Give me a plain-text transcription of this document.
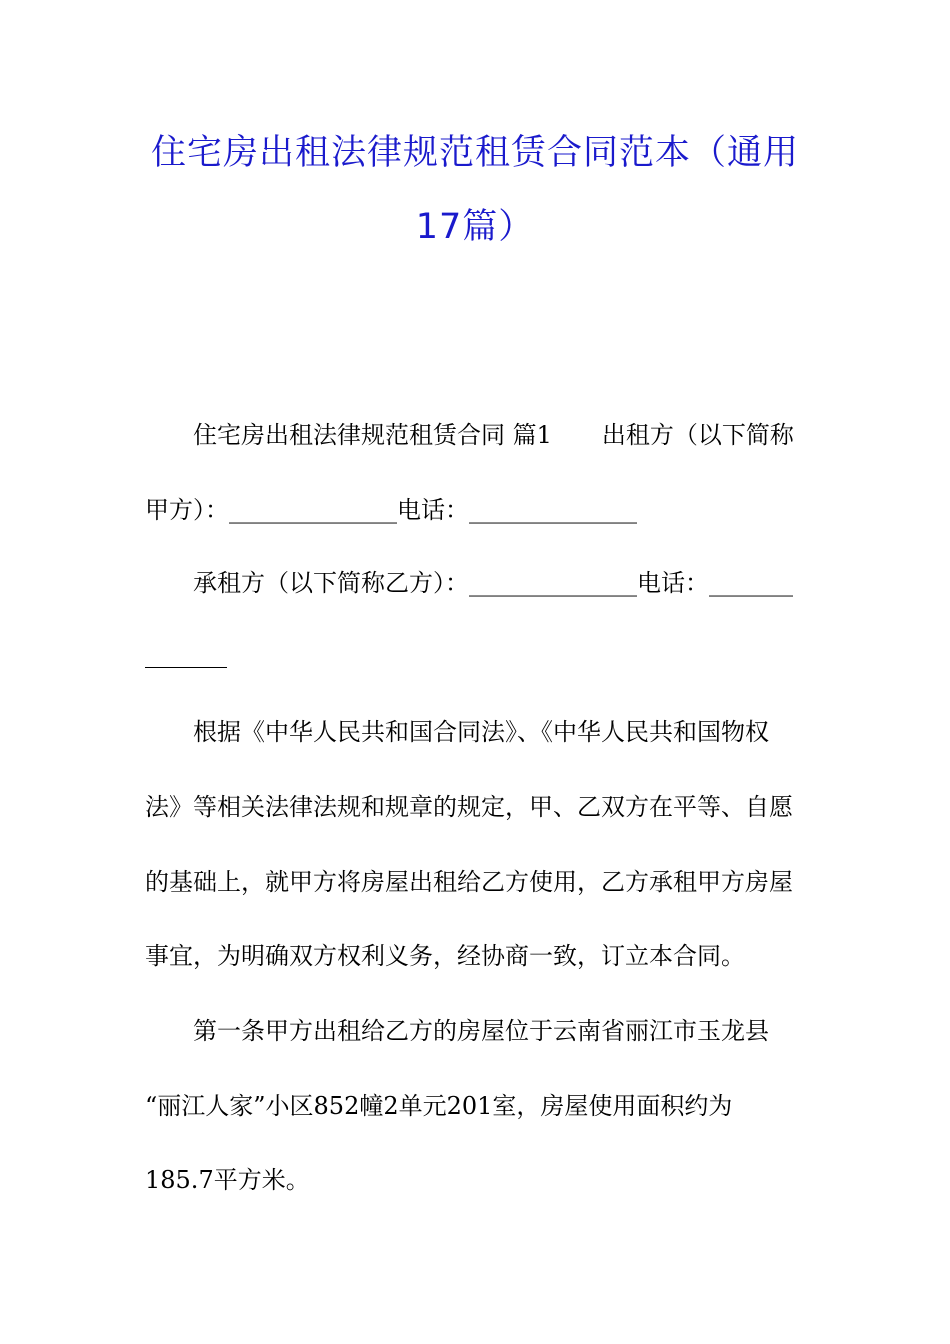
住宅房出租法律规范租赁合同范本（通用
17篇）
住宅房出租法律规范租赁合同 篇1 出租方（以下简称
甲方）：______________电话：______________
承租方（以下简称乙方）：______________电话：_______
根据《中华人民共和国合同法》、《中华人民共和国物权
法》等相关法律法规和规章的规定，甲、乙双方在平等、自愿
的基础上，就甲方将房屋出租给乙方使用，乙方承租甲方房屋
事宜，为明确双方权利义务，经协商一致，订立本合同。
第一条甲方出租给乙方的房屋位于云南省丽江市玉龙县
“丽江人家”小区852幢2单元201室，房屋使用面积约为
185.7平方米。
